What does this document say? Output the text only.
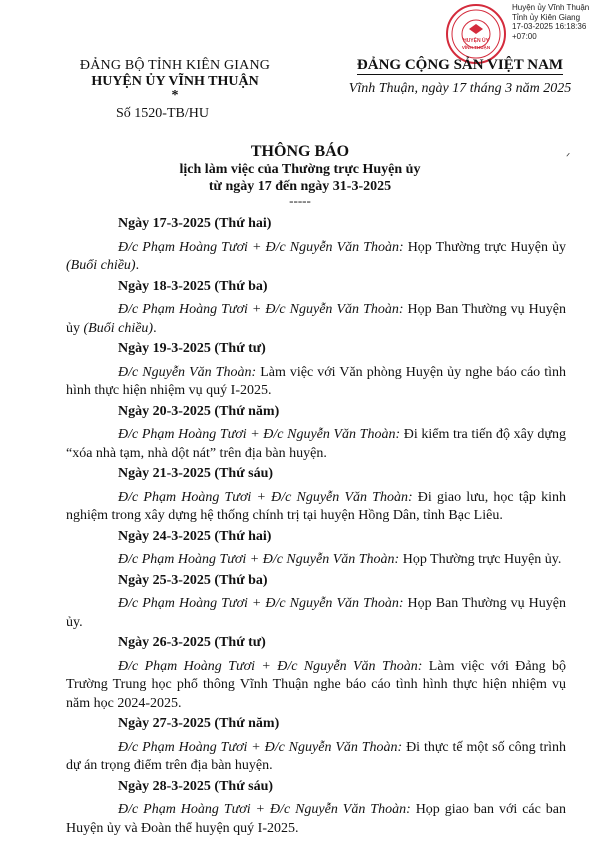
HUYỆN ỦY
VĨNH THUẬN
Huyện ủy Vĩnh Thuận
Tỉnh ủy Kiên Giang
17-03-2025 16:18:36
+07:00
ĐẢNG BỘ TỈNH KIÊN GIANG
HUYỆN ỦY VĨNH THUẬN
*
Số 1520-TB/HU
ĐẢNG CỘNG SẢN VIỆT NAM
Vĩnh Thuận, ngày 17 tháng 3 năm 2025
ᐟ
THÔNG BÁO
lịch làm việc của Thường trực Huyện ủy
từ ngày 17 đến ngày 31-3-2025
-----
Ngày 17-3-2025 (Thứ hai)
Đ/c Phạm Hoàng Tươi + Đ/c Nguyễn Văn Thoàn: Họp Thường trực Huyện ủy (Buổi chiều).
Ngày 18-3-2025 (Thứ ba)
Đ/c Phạm Hoàng Tươi + Đ/c Nguyễn Văn Thoàn: Họp Ban Thường vụ Huyện ủy (Buổi chiều).
Ngày 19-3-2025 (Thứ tư)
Đ/c Nguyễn Văn Thoàn: Làm việc với Văn phòng Huyện ủy nghe báo cáo tình hình thực hiện nhiệm vụ quý I-2025.
Ngày 20-3-2025 (Thứ năm)
Đ/c Phạm Hoàng Tươi + Đ/c Nguyễn Văn Thoàn: Đi kiểm tra tiến độ xây dựng “xóa nhà tạm, nhà dột nát” trên địa bàn huyện.
Ngày 21-3-2025 (Thứ sáu)
Đ/c Phạm Hoàng Tươi + Đ/c Nguyễn Văn Thoàn: Đi giao lưu, học tập kinh nghiệm trong xây dựng hệ thống chính trị tại huyện Hồng Dân, tỉnh Bạc Liêu.
Ngày 24-3-2025 (Thứ hai)
Đ/c Phạm Hoàng Tươi + Đ/c Nguyễn Văn Thoàn: Họp Thường trực Huyện ủy.
Ngày 25-3-2025 (Thứ ba)
Đ/c Phạm Hoàng Tươi + Đ/c Nguyễn Văn Thoàn: Họp Ban Thường vụ Huyện ủy.
Ngày 26-3-2025 (Thứ tư)
Đ/c Phạm Hoàng Tươi + Đ/c Nguyễn Văn Thoàn: Làm việc với Đảng bộ Trường Trung học phổ thông Vĩnh Thuận nghe báo cáo tình hình thực hiện nhiệm vụ năm học 2024-2025.
Ngày 27-3-2025 (Thứ năm)
Đ/c Phạm Hoàng Tươi + Đ/c Nguyễn Văn Thoàn: Đi thực tế một số công trình dự án trọng điểm trên địa bàn huyện.
Ngày 28-3-2025 (Thứ sáu)
Đ/c Phạm Hoàng Tươi + Đ/c Nguyễn Văn Thoàn: Họp giao ban với các ban Huyện ủy và Đoàn thể huyện quý I-2025.
